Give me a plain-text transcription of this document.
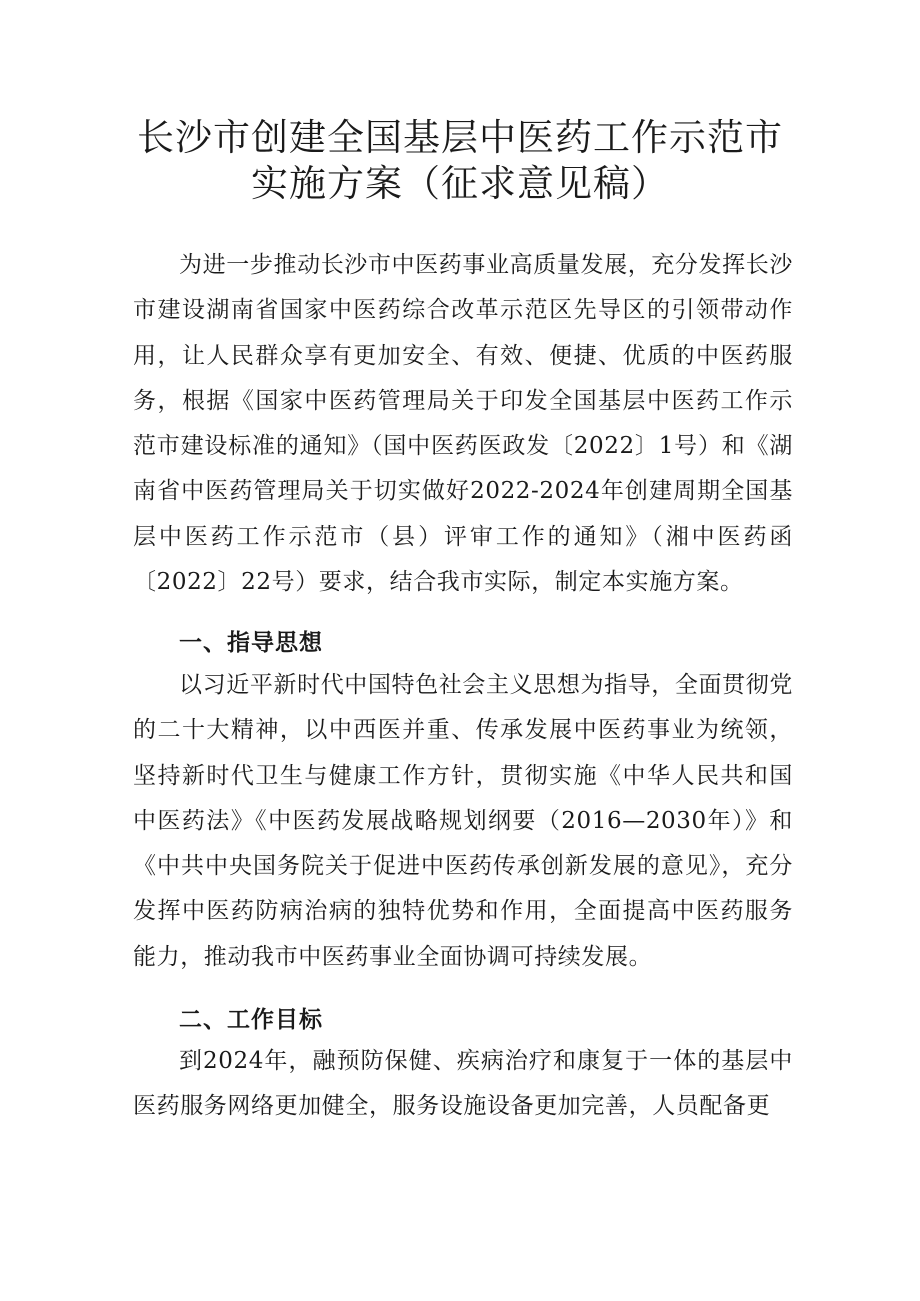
长沙市创建全国基层中医药工作示范市
实施方案（征求意见稿）

为进一步推动长沙市中医药事业高质量发展，充分发挥长沙市建设湖南省国家中医药综合改革示范区先导区的引领带动作用，让人民群众享有更加安全、有效、便捷、优质的中医药服务，根据《国家中医药管理局关于印发全国基层中医药工作示范市建设标准的通知》（国中医药医政发〔2022〕1号）和《湖南省中医药管理局关于切实做好2022-2024年创建周期全国基层中医药工作示范市（县）评审工作的通知》（湘中医药函〔2022〕22号）要求，结合我市实际，制定本实施方案。

一、指导思想

以习近平新时代中国特色社会主义思想为指导，全面贯彻党的二十大精神，以中西医并重、传承发展中医药事业为统领，坚持新时代卫生与健康工作方针，贯彻实施《中华人民共和国中医药法》《中医药发展战略规划纲要（2016—2030年）》和《中共中央国务院关于促进中医药传承创新发展的意见》，充分发挥中医药防病治病的独特优势和作用，全面提高中医药服务能力，推动我市中医药事业全面协调可持续发展。

二、工作目标

到2024年，融预防保健、疾病治疗和康复于一体的基层中医药服务网络更加健全，服务设施设备更加完善，人员配备更
